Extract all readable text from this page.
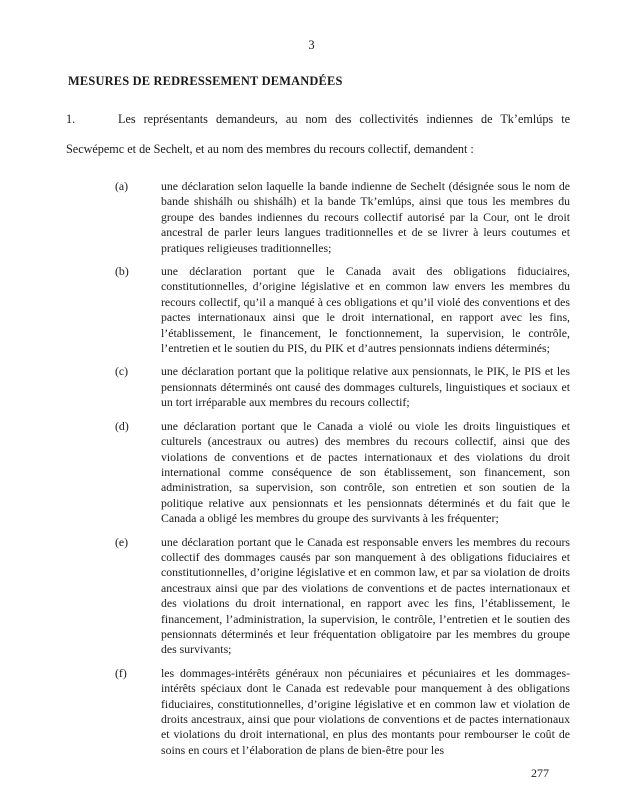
3
MESURES DE REDRESSEMENT DEMANDÉES
1.	Les représentants demandeurs, au nom des collectivités indiennes de Tk’emlúps te Secwépemc et de Sechelt, et au nom des membres du recours collectif, demandent :
(a)	une déclaration selon laquelle la bande indienne de Sechelt (désignée sous le nom de bande shishálh ou shishálh) et la bande Tk’emlúps, ainsi que tous les membres du groupe des bandes indiennes du recours collectif autorisé par la Cour, ont le droit ancestral de parler leurs langues traditionnelles et de se livrer à leurs coutumes et pratiques religieuses traditionnelles;
(b)	une déclaration portant que le Canada avait des obligations fiduciaires, constitutionnelles, d’origine législative et en common law envers les membres du recours collectif, qu’il a manqué à ces obligations et qu’il violé des conventions et des pactes internationaux ainsi que le droit international, en rapport avec les fins, l’établissement, le financement, le fonctionnement, la supervision, le contrôle, l’entretien et le soutien du PIS, du PIK et d’autres pensionnats indiens déterminés;
(c)	une déclaration portant que la politique relative aux pensionnats, le PIK, le PIS et les pensionnats déterminés ont causé des dommages culturels, linguistiques et sociaux et un tort irréparable aux membres du recours collectif;
(d)	une déclaration portant que le Canada a violé ou viole les droits linguistiques et culturels (ancestraux ou autres) des membres du recours collectif, ainsi que des violations de conventions et de pactes internationaux et des violations du droit international comme conséquence de son établissement, son financement, son administration, sa supervision, son contrôle, son entretien et son soutien de la politique relative aux pensionnats et les pensionnats déterminés et du fait que le Canada a obligé les membres du groupe des survivants à les fréquenter;
(e)	une déclaration portant que le Canada est responsable envers les membres du recours collectif des dommages causés par son manquement à des obligations fiduciaires et constitutionnelles, d’origine législative et en common law, et par sa violation de droits ancestraux ainsi que par des violations de conventions et de pactes internationaux et des violations du droit international, en rapport avec les fins, l’établissement, le financement, l’administration, la supervision, le contrôle, l’entretien et le soutien des pensionnats déterminés et leur fréquentation obligatoire par les membres du groupe des survivants;
(f)	les dommages-intérêts généraux non pécuniaires et pécuniaires et les dommages-intérêts spéciaux dont le Canada est redevable pour manquement à des obligations fiduciaires, constitutionnelles, d’origine législative et en common law et violation de droits ancestraux, ainsi que pour violations de conventions et de pactes internationaux et violations du droit international, en plus des montants pour rembourser le coût de soins en cours et l’élaboration de plans de bien-être pour les
277
